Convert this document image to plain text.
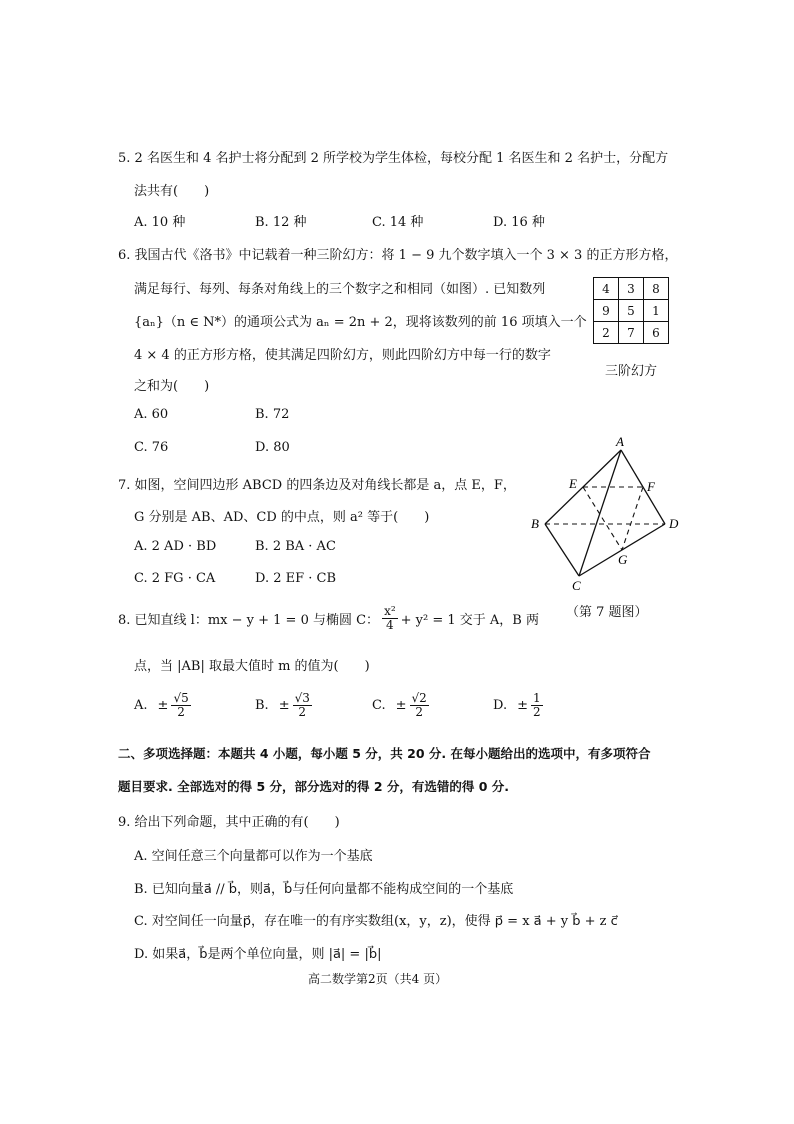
5. 2 名医生和 4 名护士将分配到 2 所学校为学生体检，每校分配 1 名医生和 2 名护士，分配方
法共有(　　)
A. 10 种	B. 12 种	C. 14 种	D. 16 种
6. 我国古代《洛书》中记载着一种三阶幻方：将 1 − 9 九个数字填入一个 3 × 3 的正方形方格，
满足每行、每列、每条对角线上的三个数字之和相同（如图）. 已知数列
{aₙ}（n ∈ N*）的通项公式为 aₙ = 2n + 2，现将该数列的前 16 项填入一个
4 × 4 的正方形方格，使其满足四阶幻方，则此四阶幻方中每一行的数字
之和为(　　)
A. 60	B. 72
C. 76	D. 80
4	3	8
9	5	1
2	7	6
三阶幻方
7. 如图，空间四边形 ABCD 的四条边及对角线长都是 a，点 E，F，
G 分别是 AB、AD、CD 的中点，则 a² 等于(　　)
A. 2 AD · BD	B. 2 BA · AC
C. 2 FG · CA	D. 2 EF · CB
A
B
C
D
E	F
G
（第 7 题图）
8. 已知直线 l：mx − y + 1 = 0 与椭圆 C： $\frac{\text{x²}}{4} + y^2 = 1$ 交于 A，B 两
点，当 |AB| 取最大值时 m 的值为(　　)
A. ± $\frac{√5}{2}$	B. ± $\frac{√3}{2}$	C. ± $\frac{√2}{2}$	D. ± $\frac{1}{2}$
二、多项选择题：本题共 4 小题，每小题 5 分，共 20 分. 在每小题给出的选项中，有多项符合
题目要求. 全部选对的得 5 分，部分选对的得 2 分，有选错的得 0 分.
9. 给出下列命题，其中正确的有(　　)
A. 空间任意三个向量都可以作为一个基底
B. 已知向量a⃗ // b⃗，则a⃗，b⃗与任何向量都不能构成空间的一个基底
C. 对空间任一向量p⃗，存在唯一的有序实数组(x，y，z)，使得 p⃗ = x a⃗ + y b⃗ + z c⃗
D. 如果a⃗，b⃗是两个单位向量，则 |a⃗| = |b⃗|
高二数学第2页（共4 页）
